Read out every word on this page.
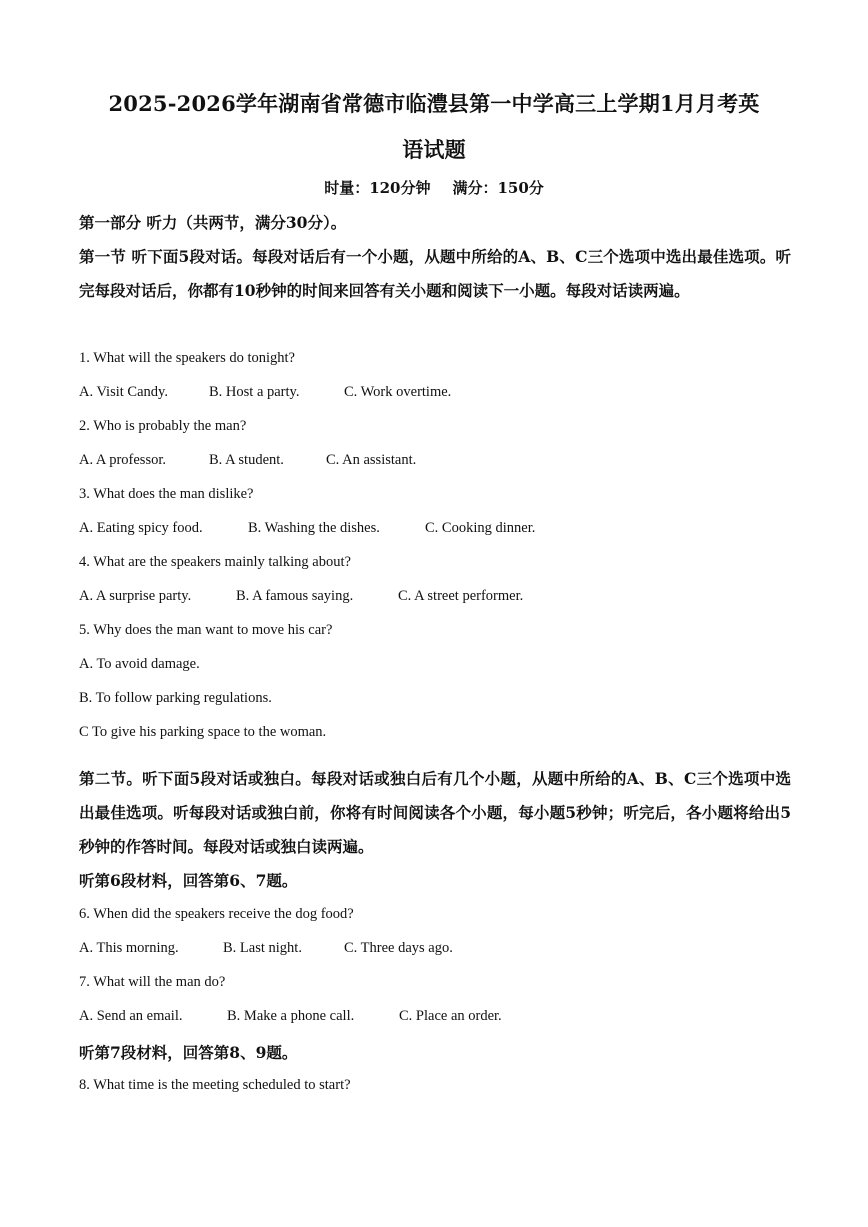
2025-2026学年湖南省常德市临澧县第一中学高三上学期1月月考英
语试题
时量：120分钟 满分：150分
第一部分 听力（共两节，满分30分）。
第一节 听下面5段对话。每段对话后有一个小题，从题中所给的A、B、C三个选项中选出最佳选项。听完每段对话后，你都有10秒钟的时间来回答有关小题和阅读下一小题。每段对话读两遍。
1. What will the speakers do tonight?
A. Visit Candy.	B. Host a party.	C. Work overtime.
2. Who is probably the man?
A. A professor.	B. A student.	C. An assistant.
3. What does the man dislike?
A. Eating spicy food.	B. Washing the dishes.	C. Cooking dinner.
4. What are the speakers mainly talking about?
A. A surprise party.	B. A famous saying.	C. A street performer.
5. Why does the man want to move his car?
A. To avoid damage.
B. To follow parking regulations.
C To give his parking space to the woman.
第二节。听下面5段对话或独白。每段对话或独白后有几个小题，从题中所给的A、B、C三个选项中选出最佳选项。听每段对话或独白前，你将有时间阅读各个小题，每小题5秒钟；听完后，各小题将给出5秒钟的作答时间。每段对话或独白读两遍。
听第6段材料，回答第6、7题。
6. When did the speakers receive the dog food?
A. This morning.	B. Last night.	C. Three days ago.
7. What will the man do?
A. Send an email.	B. Make a phone call.	C. Place an order.
听第7段材料，回答第8、9题。
8. What time is the meeting scheduled to start?
